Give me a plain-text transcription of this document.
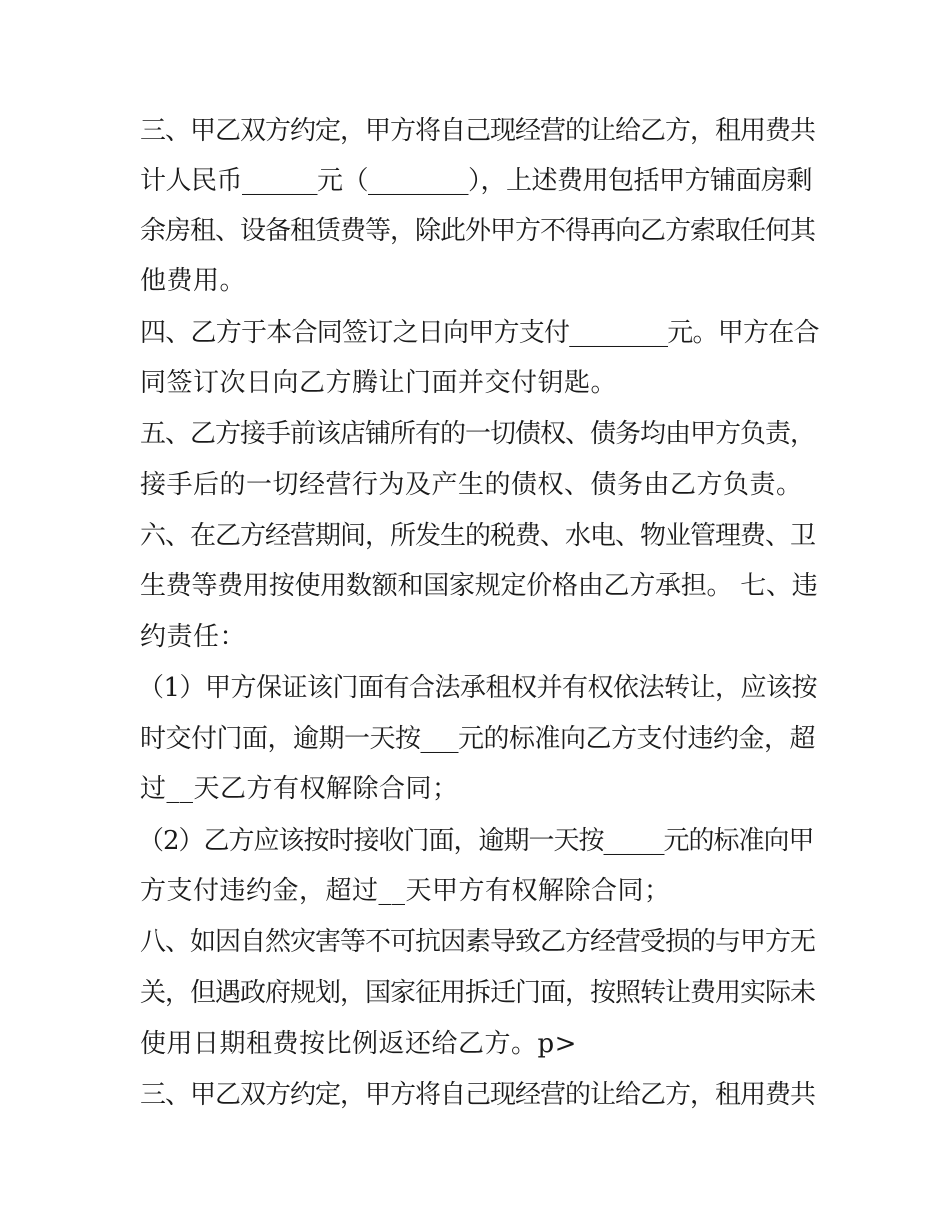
三、甲乙双方约定，甲方将自己现经营的让给乙方，租用费共
计人民币______元（________），上述费用包括甲方铺面房剩
余房租、设备租赁费等，除此外甲方不得再向乙方索取任何其
他费用。
四、乙方于本合同签订之日向甲方支付________元。甲方在合
同签订次日向乙方腾让门面并交付钥匙。
五、乙方接手前该店铺所有的一切债权、债务均由甲方负责，
接手后的一切经营行为及产生的债权、债务由乙方负责。
六、在乙方经营期间，所发生的税费、水电、物业管理费、卫
生费等费用按使用数额和国家规定价格由乙方承担。 七、违
约责任：
（1）甲方保证该门面有合法承租权并有权依法转让，应该按
时交付门面，逾期一天按___元的标准向乙方支付违约金，超
过__天乙方有权解除合同；
（2）乙方应该按时接收门面，逾期一天按_____元的标准向甲
方支付违约金，超过__天甲方有权解除合同；
八、如因自然灾害等不可抗因素导致乙方经营受损的与甲方无
关，但遇政府规划，国家征用拆迁门面，按照转让费用实际未
使用日期租费按比例返还给乙方。p>
三、甲乙双方约定，甲方将自己现经营的让给乙方，租用费共
